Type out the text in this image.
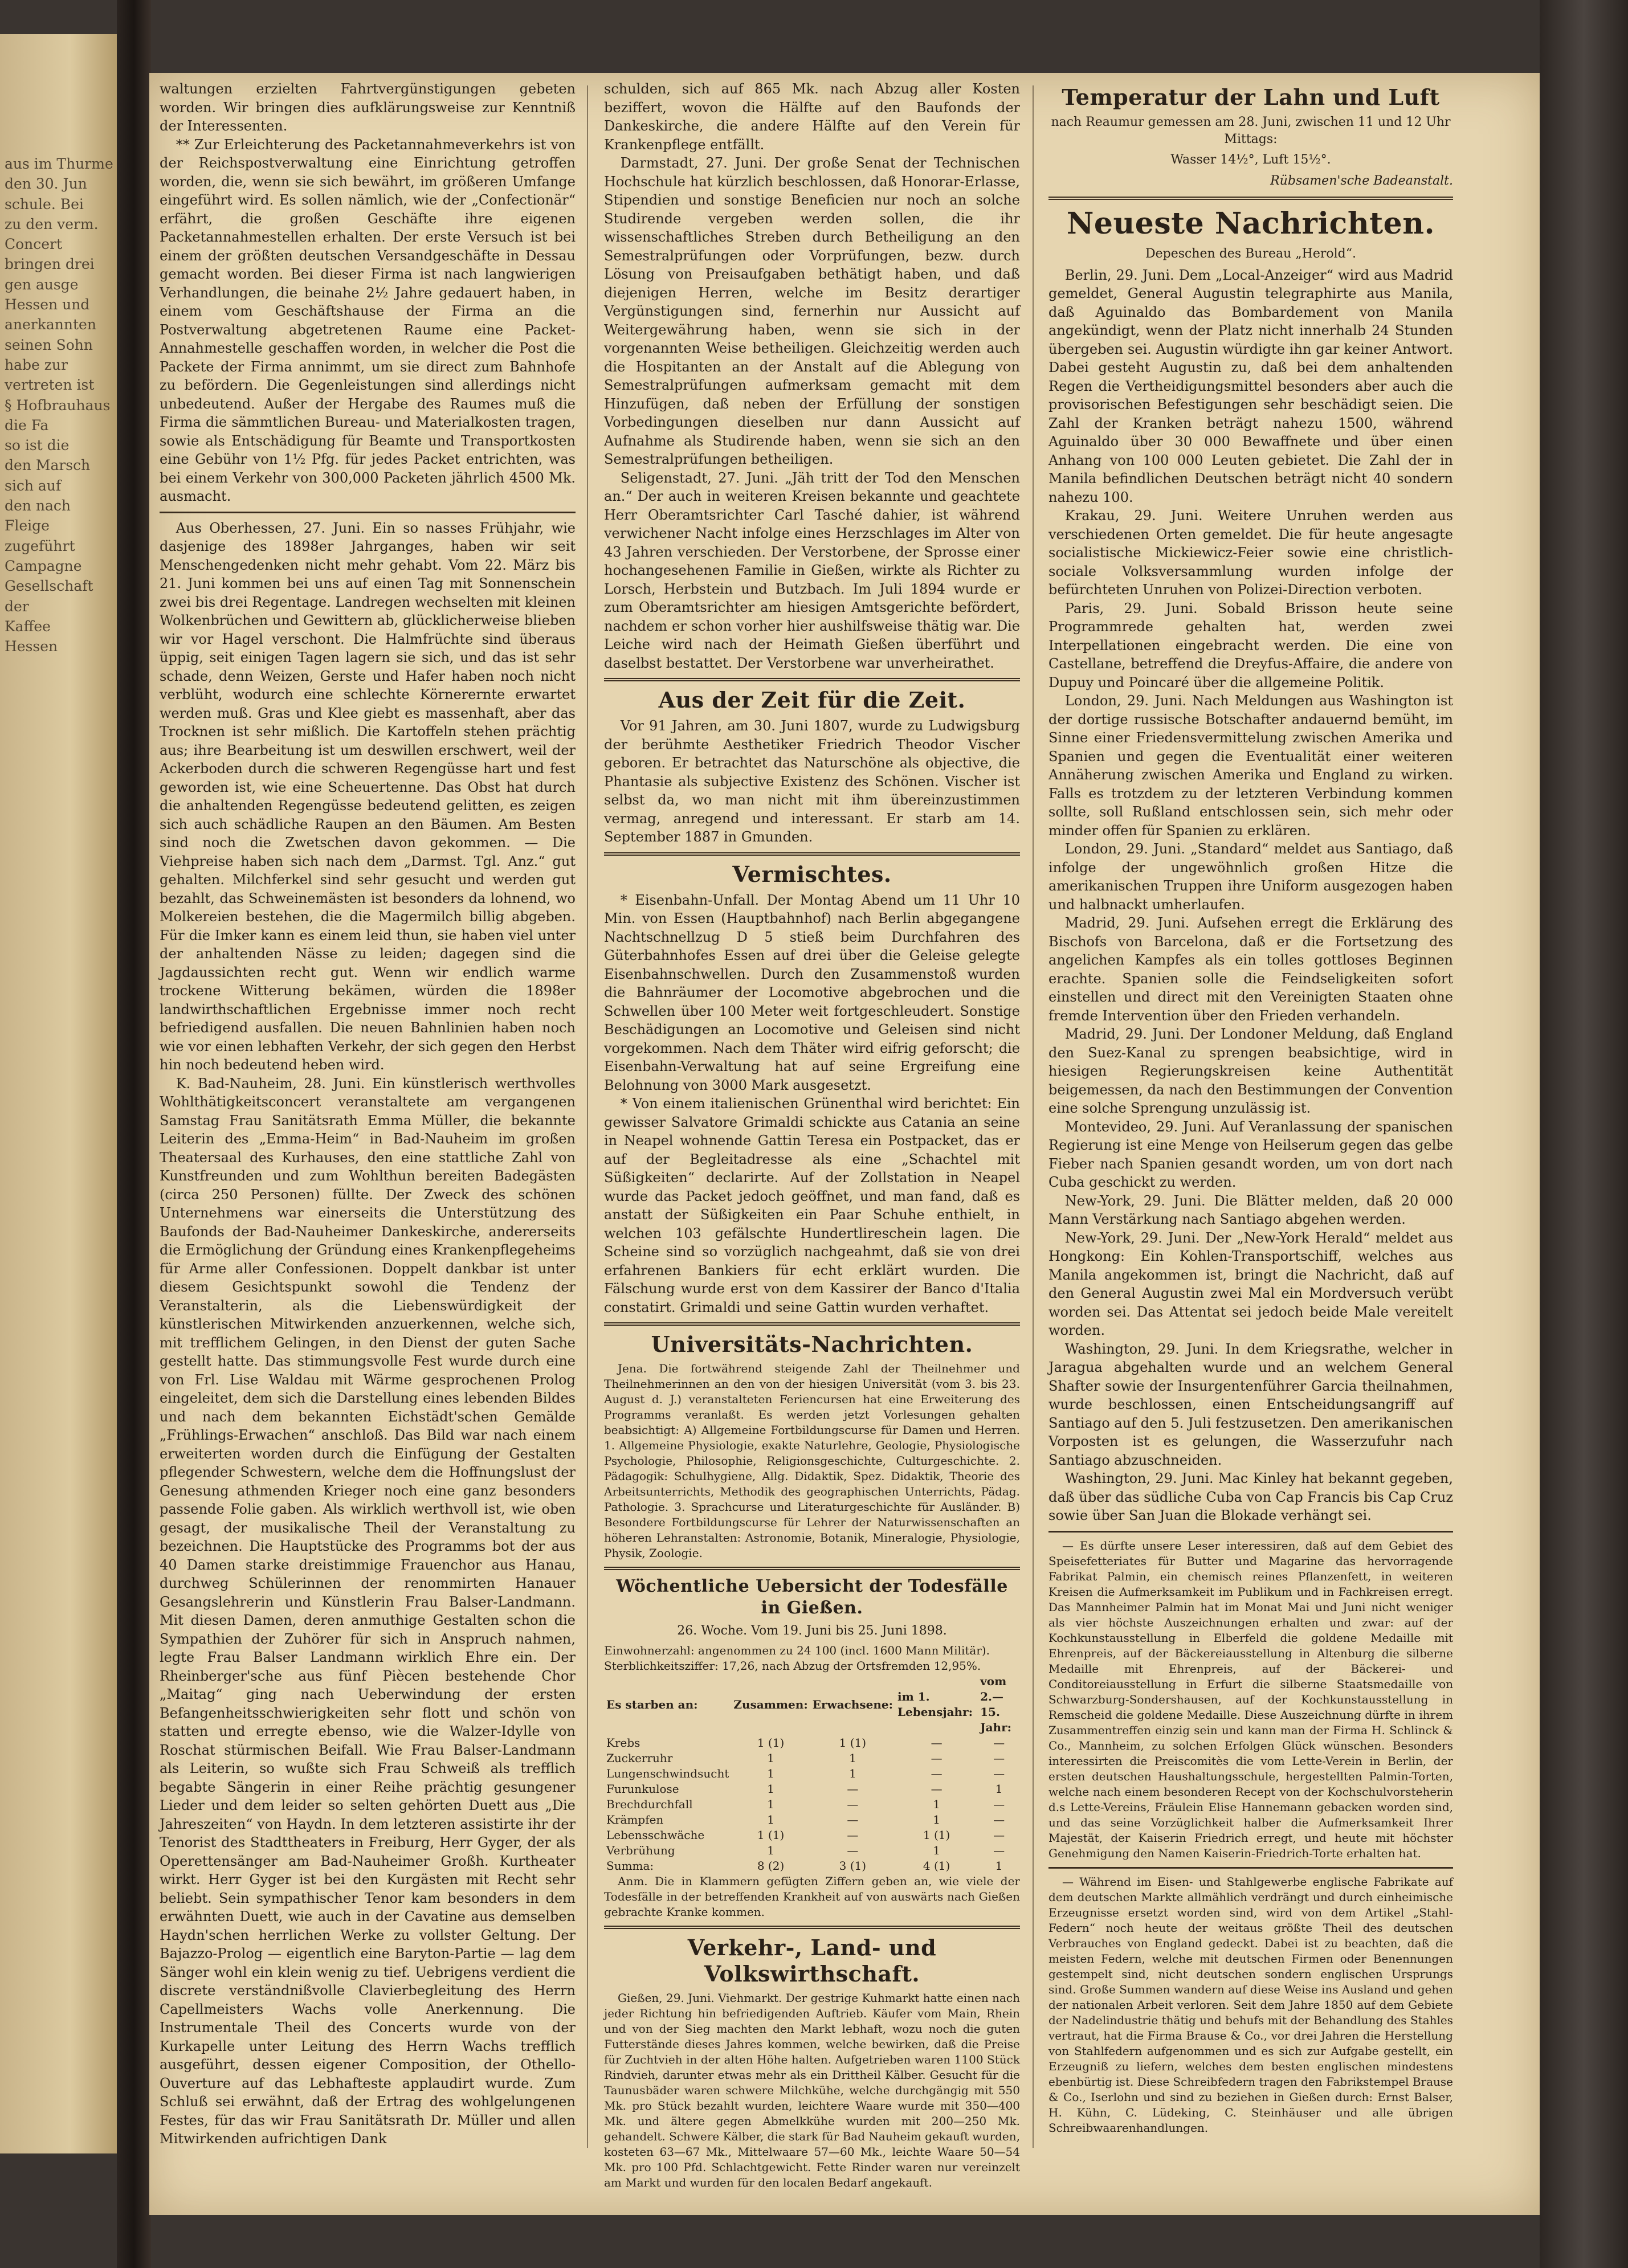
aus im Thurme
den 30. Jun
schule. Bei
zu den verm.
Concert
bringen drei
gen ausge
Hessen und
anerkannten
seinen Sohn
habe zur
vertreten ist
§ Hofbrauhaus
die Fa
so ist die
den Marsch
sich auf
den nach
Fleige
zugeführt
Campagne
Gesellschaft
der
Kaffee
Hessen

waltungen erzielten Fahrtvergünstigungen gebeten worden. Wir bringen dies aufklärungsweise zur Kenntniß der Interessenten.

** Zur Erleichterung des Packetannahmeverkehrs ist von der Reichspostverwaltung eine Einrichtung getroffen worden, die, wenn sie sich bewährt, im größeren Umfange eingeführt wird. Es sollen nämlich, wie der „Confectionär“ erfährt, die großen Geschäfte ihre eigenen Packetannahmestellen erhalten. Der erste Versuch ist bei einem der größten deutschen Versandgeschäfte in Dessau gemacht worden. Bei dieser Firma ist nach langwierigen Verhandlungen, die beinahe 2½ Jahre gedauert haben, in einem vom Geschäftshause der Firma an die Postverwaltung abgetretenen Raume eine Packet-Annahmestelle geschaffen worden, in welcher die Post die Packete der Firma annimmt, um sie direct zum Bahnhofe zu befördern. Die Gegenleistungen sind allerdings nicht unbedeutend. Außer der Hergabe des Raumes muß die Firma die sämmtlichen Bureau- und Materialkosten tragen, sowie als Entschädigung für Beamte und Transportkosten eine Gebühr von 1½ Pfg. für jedes Packet entrichten, was bei einem Verkehr von 300,000 Packeten jährlich 4500 Mk. ausmacht.

Aus Oberhessen, 27. Juni. Ein so nasses Frühjahr, wie dasjenige des 1898er Jahrganges, haben wir seit Menschengedenken nicht mehr gehabt. Vom 22. März bis 21. Juni kommen bei uns auf einen Tag mit Sonnenschein zwei bis drei Regentage. Landregen wechselten mit kleinen Wolkenbrüchen und Gewittern ab, glücklicherweise blieben wir vor Hagel verschont. Die Halmfrüchte sind überaus üppig, seit einigen Tagen lagern sie sich, und das ist sehr schade, denn Weizen, Gerste und Hafer haben noch nicht verblüht, wodurch eine schlechte Körnerernte erwartet werden muß. Gras und Klee giebt es massenhaft, aber das Trocknen ist sehr mißlich. Die Kartoffeln stehen prächtig aus; ihre Bearbeitung ist um deswillen erschwert, weil der Ackerboden durch die schweren Regengüsse hart und fest geworden ist, wie eine Scheuertenne. Das Obst hat durch die anhaltenden Regengüsse bedeutend gelitten, es zeigen sich auch schädliche Raupen an den Bäumen. Am Besten sind noch die Zwetschen davon gekommen. — Die Viehpreise haben sich nach dem „Darmst. Tgl. Anz.“ gut gehalten. Milchferkel sind sehr gesucht und werden gut bezahlt, das Schweinemästen ist besonders da lohnend, wo Molkereien bestehen, die die Magermilch billig abgeben. Für die Imker kann es einem leid thun, sie haben viel unter der anhaltenden Nässe zu leiden; dagegen sind die Jagdaussichten recht gut. Wenn wir endlich warme trockene Witterung bekämen, würden die 1898er landwirthschaftlichen Ergebnisse immer noch recht befriedigend ausfallen. Die neuen Bahnlinien haben noch wie vor einen lebhaften Verkehr, der sich gegen den Herbst hin noch bedeutend heben wird.

K. Bad-Nauheim, 28. Juni. Ein künstlerisch werthvolles Wohlthätigkeitsconcert veranstaltete am vergangenen Samstag Frau Sanitätsrath Emma Müller, die bekannte Leiterin des „Emma-Heim“ in Bad-Nauheim im großen Theatersaal des Kurhauses, den eine stattliche Zahl von Kunstfreunden und zum Wohlthun bereiten Badegästen (circa 250 Personen) füllte. Der Zweck des schönen Unternehmens war einerseits die Unterstützung des Baufonds der Bad-Nauheimer Dankeskirche, andererseits die Ermöglichung der Gründung eines Krankenpflegeheims für Arme aller Confessionen. Doppelt dankbar ist unter diesem Gesichtspunkt sowohl die Tendenz der Veranstalterin, als die Liebenswürdigkeit der künstlerischen Mitwirkenden anzuerkennen, welche sich, mit trefflichem Gelingen, in den Dienst der guten Sache gestellt hatte. Das stimmungsvolle Fest wurde durch eine von Frl. Lise Waldau mit Wärme gesprochenen Prolog eingeleitet, dem sich die Darstellung eines lebenden Bildes und nach dem bekannten Eichstädt'schen Gemälde „Frühlings-Erwachen“ anschloß. Das Bild war nach einem erweiterten worden durch die Einfügung der Gestalten pflegender Schwestern, welche dem die Hoffnungslust der Genesung athmenden Krieger noch eine ganz besonders passende Folie gaben. Als wirklich werthvoll ist, wie oben gesagt, der musikalische Theil der Veranstaltung zu bezeichnen. Die Hauptstücke des Programms bot der aus 40 Damen starke dreistimmige Frauenchor aus Hanau, durchweg Schülerinnen der renommirten Hanauer Gesangslehrerin und Künstlerin Frau Balser-Landmann. Mit diesen Damen, deren anmuthige Gestalten schon die Sympathien der Zuhörer für sich in Anspruch nahmen, legte Frau Balser Landmann wirklich Ehre ein. Der Rheinberger'sche aus fünf Piècen bestehende Chor „Maitag“ ging nach Ueberwindung der ersten Befangenheitsschwierigkeiten sehr flott und schön von statten und erregte ebenso, wie die Walzer-Idylle von Roschat stürmischen Beifall. Wie Frau Balser-Landmann als Leiterin, so wußte sich Frau Schweiß als trefflich begabte Sängerin in einer Reihe prächtig gesungener Lieder und dem leider so selten gehörten Duett aus „Die Jahreszeiten“ von Haydn. In dem letzteren assistirte ihr der Tenorist des Stadttheaters in Freiburg, Herr Gyger, der als Operettensänger am Bad-Nauheimer Großh. Kurtheater wirkt. Herr Gyger ist bei den Kurgästen mit Recht sehr beliebt. Sein sympathischer Tenor kam besonders in dem erwähnten Duett, wie auch in der Cavatine aus demselben Haydn'schen herrlichen Werke zu vollster Geltung. Der Bajazzo-Prolog — eigentlich eine Baryton-Partie — lag dem Sänger wohl ein klein wenig zu tief. Uebrigens verdient die discrete verständnißvolle Clavierbegleitung des Herrn Capellmeisters Wachs volle Anerkennung. Die Instrumentale Theil des Concerts wurde von der Kurkapelle unter Leitung des Herrn Wachs trefflich ausgeführt, dessen eigener Composition, der Othello-Ouverture auf das Lebhafteste applaudirt wurde. Zum Schluß sei erwähnt, daß der Ertrag des wohlgelungenen Festes, für das wir Frau Sanitätsrath Dr. Müller und allen Mitwirkenden aufrichtigen Dank

schulden, sich auf 865 Mk. nach Abzug aller Kosten beziffert, wovon die Hälfte auf den Baufonds der Dankeskirche, die andere Hälfte auf den Verein für Krankenpflege entfällt.

Darmstadt, 27. Juni. Der große Senat der Technischen Hochschule hat kürzlich beschlossen, daß Honorar-Erlasse, Stipendien und sonstige Beneficien nur noch an solche Studirende vergeben werden sollen, die ihr wissenschaftliches Streben durch Betheiligung an den Semestralprüfungen oder Vorprüfungen, bezw. durch Lösung von Preisaufgaben bethätigt haben, und daß diejenigen Herren, welche im Besitz derartiger Vergünstigungen sind, fernerhin nur Aussicht auf Weitergewährung haben, wenn sie sich in der vorgenannten Weise betheiligen. Gleichzeitig werden auch die Hospitanten an der Anstalt auf die Ablegung von Semestralprüfungen aufmerksam gemacht mit dem Hinzufügen, daß neben der Erfüllung der sonstigen Vorbedingungen dieselben nur dann Aussicht auf Aufnahme als Studirende haben, wenn sie sich an den Semestralprüfungen betheiligen.

Seligenstadt, 27. Juni. „Jäh tritt der Tod den Menschen an.“ Der auch in weiteren Kreisen bekannte und geachtete Herr Oberamtsrichter Carl Tasché dahier, ist während verwichener Nacht infolge eines Herzschlages im Alter von 43 Jahren verschieden. Der Verstorbene, der Sprosse einer hochangesehenen Familie in Gießen, wirkte als Richter zu Lorsch, Herbstein und Butzbach. Im Juli 1894 wurde er zum Oberamtsrichter am hiesigen Amtsgerichte befördert, nachdem er schon vorher hier aushilfsweise thätig war. Die Leiche wird nach der Heimath Gießen überführt und daselbst bestattet. Der Verstorbene war unverheirathet.

Aus der Zeit für die Zeit.

Vor 91 Jahren, am 30. Juni 1807, wurde zu Ludwigsburg der berühmte Aesthetiker Friedrich Theodor Vischer geboren. Er betrachtet das Naturschöne als objective, die Phantasie als subjective Existenz des Schönen. Vischer ist selbst da, wo man nicht mit ihm übereinzustimmen vermag, anregend und interessant. Er starb am 14. September 1887 in Gmunden.

Vermischtes.

* Eisenbahn-Unfall. Der Montag Abend um 11 Uhr 10 Min. von Essen (Hauptbahnhof) nach Berlin abgegangene Nachtschnellzug D 5 stieß beim Durchfahren des Güterbahnhofes Essen auf drei über die Geleise gelegte Eisenbahnschwellen. Durch den Zusammenstoß wurden die Bahnräumer der Locomotive abgebrochen und die Schwellen über 100 Meter weit fortgeschleudert. Sonstige Beschädigungen an Locomotive und Geleisen sind nicht vorgekommen. Nach dem Thäter wird eifrig geforscht; die Eisenbahn-Verwaltung hat auf seine Ergreifung eine Belohnung von 3000 Mark ausgesetzt.

* Von einem italienischen Grünenthal wird berichtet: Ein gewisser Salvatore Grimaldi schickte aus Catania an seine in Neapel wohnende Gattin Teresa ein Postpacket, das er auf der Begleitadresse als eine „Schachtel mit Süßigkeiten“ declarirte. Auf der Zollstation in Neapel wurde das Packet jedoch geöffnet, und man fand, daß es anstatt der Süßigkeiten ein Paar Schuhe enthielt, in welchen 103 gefälschte Hundertlireschein lagen. Die Scheine sind so vorzüglich nachgeahmt, daß sie von drei erfahrenen Bankiers für echt erklärt wurden. Die Fälschung wurde erst von dem Kassirer der Banco d'Italia constatirt. Grimaldi und seine Gattin wurden verhaftet.

Universitäts-Nachrichten.

Jena. Die fortwährend steigende Zahl der Theilnehmer und Theilnehmerinnen an den von der hiesigen Universität (vom 3. bis 23. August d. J.) veranstalteten Feriencursen hat eine Erweiterung des Programms veranlaßt. Es werden jetzt Vorlesungen gehalten beabsichtigt: A) Allgemeine Fortbildungscurse für Damen und Herren. 1. Allgemeine Physiologie, exakte Naturlehre, Geologie, Physiologische Psychologie, Philosophie, Religionsgeschichte, Culturgeschichte. 2. Pädagogik: Schulhygiene, Allg. Didaktik, Spez. Didaktik, Theorie des Arbeitsunterrichts, Methodik des geographischen Unterrichts, Pädag. Pathologie. 3. Sprachcurse und Literaturgeschichte für Ausländer. B) Besondere Fortbildungscurse für Lehrer der Naturwissenschaften an höheren Lehranstalten: Astronomie, Botanik, Mineralogie, Physiologie, Physik, Zoologie.

Wöchentliche Uebersicht der Todesfälle in Gießen.
26. Woche. Vom 19. Juni bis 25. Juni 1898.

Einwohnerzahl: angenommen zu 24 100 (incl. 1600 Mann Militär).

Sterblichkeitsziffer: 17,26, nach Abzug der Ortsfremden 12,95%.

Es starben an:	Zusammen:	Erwachsene:	im 1. Lebensjahr:	vom 2.—15. Jahr:
Krebs	1 (1)	1 (1)	—	—
Zuckerruhr	1	1	—	—
Lungenschwindsucht	1	1	—	—
Furunkulose	1	—	—	1
Brechdurchfall	1	—	1	—
Krämpfen	1	—	1	—
Lebensschwäche	1 (1)	—	1 (1)	—
Verbrühung	1	—	1	—
Summa:	8 (2)	3 (1)	4 (1)	1

Anm. Die in Klammern gefügten Ziffern geben an, wie viele der Todesfälle in der betreffenden Krankheit auf von auswärts nach Gießen gebrachte Kranke kommen.

Verkehr-, Land- und Volkswirthschaft.

Gießen, 29. Juni. Viehmarkt. Der gestrige Kuhmarkt hatte einen nach jeder Richtung hin befriedigenden Auftrieb. Käufer vom Main, Rhein und von der Sieg machten den Markt lebhaft, wozu noch die guten Futterstände dieses Jahres kommen, welche bewirken, daß die Preise für Zuchtvieh in der alten Höhe halten. Aufgetrieben waren 1100 Stück Rindvieh, darunter etwas mehr als ein Drittheil Kälber. Gesucht für die Taunusbäder waren schwere Milchkühe, welche durchgängig mit 550 Mk. pro Stück bezahlt wurden, leichtere Waare wurde mit 350—400 Mk. und ältere gegen Abmelkkühe wurden mit 200—250 Mk. gehandelt. Schwere Kälber, die stark für Bad Nauheim gekauft wurden, kosteten 63—67 Mk., Mittelwaare 57—60 Mk., leichte Waare 50—54 Mk. pro 100 Pfd. Schlachtgewicht. Fette Rinder waren nur vereinzelt am Markt und wurden für den localen Bedarf angekauft.

Temperatur der Lahn und Luft
nach Reaumur gemessen am 28. Juni, zwischen 11 und 12 Uhr Mittags:
Wasser 14½°, Luft 15½°.
Rübsamen'sche Badeanstalt.
Neueste Nachrichten.
Depeschen des Bureau „Herold“.

Berlin, 29. Juni. Dem „Local-Anzeiger“ wird aus Madrid gemeldet, General Augustin telegraphirte aus Manila, daß Aguinaldo das Bombardement von Manila angekündigt, wenn der Platz nicht innerhalb 24 Stunden übergeben sei. Augustin würdigte ihn gar keiner Antwort. Dabei gesteht Augustin zu, daß bei dem anhaltenden Regen die Vertheidigungsmittel besonders aber auch die provisorischen Befestigungen sehr beschädigt seien. Die Zahl der Kranken beträgt nahezu 1500, während Aguinaldo über 30 000 Bewaffnete und über einen Anhang von 100 000 Leuten gebietet. Die Zahl der in Manila befindlichen Deutschen beträgt nicht 40 sondern nahezu 100.

Krakau, 29. Juni. Weitere Unruhen werden aus verschiedenen Orten gemeldet. Die für heute angesagte socialistische Mickiewicz-Feier sowie eine christlich-sociale Volksversammlung wurden infolge der befürchteten Unruhen von Polizei-Direction verboten.

Paris, 29. Juni. Sobald Brisson heute seine Programmrede gehalten hat, werden zwei Interpellationen eingebracht werden. Die eine von Castellane, betreffend die Dreyfus-Affaire, die andere von Dupuy und Poincaré über die allgemeine Politik.

London, 29. Juni. Nach Meldungen aus Washington ist der dortige russische Botschafter andauernd bemüht, im Sinne einer Friedensvermittelung zwischen Amerika und Spanien und gegen die Eventualität einer weiteren Annäherung zwischen Amerika und England zu wirken. Falls es trotzdem zu der letzteren Verbindung kommen sollte, soll Rußland entschlossen sein, sich mehr oder minder offen für Spanien zu erklären.

London, 29. Juni. „Standard“ meldet aus Santiago, daß infolge der ungewöhnlich großen Hitze die amerikanischen Truppen ihre Uniform ausgezogen haben und halbnackt umherlaufen.

Madrid, 29. Juni. Aufsehen erregt die Erklärung des Bischofs von Barcelona, daß er die Fortsetzung des angelichen Kampfes als ein tolles gottloses Beginnen erachte. Spanien solle die Feindseligkeiten sofort einstellen und direct mit den Vereinigten Staaten ohne fremde Intervention über den Frieden verhandeln.

Madrid, 29. Juni. Der Londoner Meldung, daß England den Suez-Kanal zu sprengen beabsichtige, wird in hiesigen Regierungskreisen keine Authentität beigemessen, da nach den Bestimmungen der Convention eine solche Sprengung unzulässig ist.

Montevideo, 29. Juni. Auf Veranlassung der spanischen Regierung ist eine Menge von Heilserum gegen das gelbe Fieber nach Spanien gesandt worden, um von dort nach Cuba geschickt zu werden.

New-York, 29. Juni. Die Blätter melden, daß 20 000 Mann Verstärkung nach Santiago abgehen werden.

New-York, 29. Juni. Der „New-York Herald“ meldet aus Hongkong: Ein Kohlen-Transportschiff, welches aus Manila angekommen ist, bringt die Nachricht, daß auf den General Augustin zwei Mal ein Mordversuch verübt worden sei. Das Attentat sei jedoch beide Male vereitelt worden.

Washington, 29. Juni. In dem Kriegsrathe, welcher in Jaragua abgehalten wurde und an welchem General Shafter sowie der Insurgentenführer Garcia theilnahmen, wurde beschlossen, einen Entscheidungsangriff auf Santiago auf den 5. Juli festzusetzen. Den amerikanischen Vorposten ist es gelungen, die Wasserzufuhr nach Santiago abzuschneiden.

Washington, 29. Juni. Mac Kinley hat bekannt gegeben, daß über das südliche Cuba von Cap Francis bis Cap Cruz sowie über San Juan die Blokade verhängt sei.

— Es dürfte unsere Leser interessiren, daß auf dem Gebiet des Speisefetteriates für Butter und Magarine das hervorragende Fabrikat Palmin, ein chemisch reines Pflanzenfett, in weiteren Kreisen die Aufmerksamkeit im Publikum und in Fachkreisen erregt. Das Mannheimer Palmin hat im Monat Mai und Juni nicht weniger als vier höchste Auszeichnungen erhalten und zwar: auf der Kochkunstausstellung in Elberfeld die goldene Medaille mit Ehrenpreis, auf der Bäckereiausstellung in Altenburg die silberne Medaille mit Ehrenpreis, auf der Bäckerei- und Conditoreiausstellung in Erfurt die silberne Staatsmedaille von Schwarzburg-Sondershausen, auf der Kochkunstausstellung in Remscheid die goldene Medaille. Diese Auszeichnung dürfte in ihrem Zusammentreffen einzig sein und kann man der Firma H. Schlinck & Co., Mannheim, zu solchen Erfolgen Glück wünschen. Besonders interessirten die Preiscomitès die vom Lette-Verein in Berlin, der ersten deutschen Haushaltungsschule, hergestellten Palmin-Torten, welche nach einem besonderen Recept von der Kochschulvorsteherin d.s Lette-Vereins, Fräulein Elise Hannemann gebacken worden sind, und das seine Vorzüglichkeit halber die Aufmerksamkeit Ihrer Majestät, der Kaiserin Friedrich erregt, und heute mit höchster Genehmigung den Namen Kaiserin-Friedrich-Torte erhalten hat.

— Während im Eisen- und Stahlgewerbe englische Fabrikate auf dem deutschen Markte allmählich verdrängt und durch einheimische Erzeugnisse ersetzt worden sind, wird von dem Artikel „Stahl-Federn“ noch heute der weitaus größte Theil des deutschen Verbrauches von England gedeckt. Dabei ist zu beachten, daß die meisten Federn, welche mit deutschen Firmen oder Benennungen gestempelt sind, nicht deutschen sondern englischen Ursprungs sind. Große Summen wandern auf diese Weise ins Ausland und gehen der nationalen Arbeit verloren. Seit dem Jahre 1850 auf dem Gebiete der Nadelindustrie thätig und behufs mit der Behandlung des Stahles vertraut, hat die Firma Brause & Co., vor drei Jahren die Herstellung von Stahlfedern aufgenommen und es sich zur Aufgabe gestellt, ein Erzeugniß zu liefern, welches dem besten englischen mindestens ebenbürtig ist. Diese Schreibfedern tragen den Fabrikstempel Brause & Co., Iserlohn und sind zu beziehen in Gießen durch: Ernst Balser, H. Kühn, C. Lüdeking, C. Steinhäuser und alle übrigen Schreibwaarenhandlungen.
